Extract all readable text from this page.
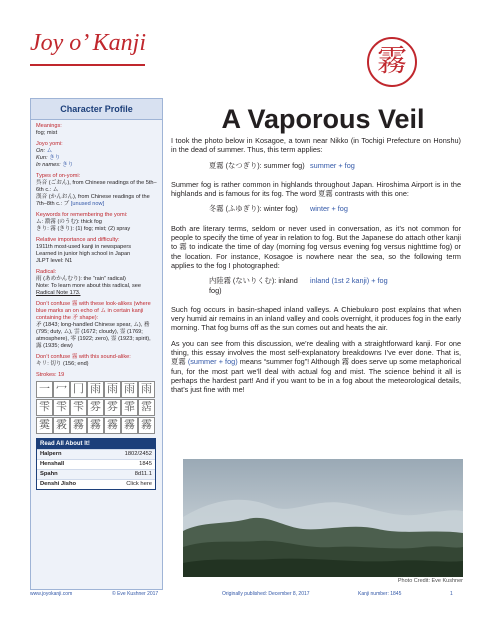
Joy o’ Kanji
霧
A Vaporous Veil
Character Profile
Meanings:
fog; mist
Joyo yomi:
On: ム
Kun: きり
In names: きり
Types of on-yomi:
呉音 (ごおん), from Chinese readings of the 5th–6th c.: ム
漢音 (かんおん), from Chinese readings of the 7th–8th c.: ブ [unused now]
Keywords for remembering the yomi:
ム: 濃霧 (のうむ): thick fog
きり: 霧 (きり): (1) fog; mist; (2) spray
Relative importance and difficulty:
1911th most-used kanji in newspapers
Learned in junior high school in Japan
JLPT level: N1
Radical:
雨 (あめかんむり): the “rain” radical)
Note: To learn more about this radical, see
Radical Note 173.
Don’t confuse 霧 with these look-alikes (where blue marks an on echo of ム in certain kanji containing the 矛 shape):
矛 (1843; long-handled Chinese spear, ム), 務 (795; duty, ム), 雲 (1672; cloudy), 霊 (1769; atmosphere), 零 (1922; zero), 霊 (1923; spirit), 露 (1935; dew)
Don’t confuse 霧 with this sound-alike:
キリ: 切り (156; end)
Strokes: 19
一 冖 冂 雨 雨 雨 雨
雫 雫 雫 雰 雰 霏 霑
霙 霚 霧 霧 霧 霧 霧
Read All About It!
Halpern	1802/2452
Henshall	1845
Spahn	8d11.1
Denshi Jisho	Click here

I took the photo below in Kosagoe, a town near Nikko (in Tochigi Prefecture on Honshu) in the dead of summer. Thus, this term applies:

夏霧 (なつぎり): summer fog) summer + fog

Summer fog is rather common in highlands throughout Japan. Hiroshima Airport is in the highlands and is famous for its fog. The word 夏霧 contrasts with this one:

冬霧 (ふゆぎり): winter fog)	winter + fog

Both are literary terms, seldom or never used in conversation, as it’s not common for people to specify the time of year in relation to fog. But the Japanese do attach other kanji to 霧 to indicate the time of day (morning fog versus evening fog versus nighttime fog) or the location. For instance, Kosagoe is nowhere near the sea, so the following term applies to the fog I photographed:

内陸霧 (ないりくむ): inland fog)
inland (1st 2 kanji) + fog

Such fog occurs in basin-shaped inland valleys. A Chiebukuro post explains that when very humid air remains in an inland valley and cools overnight, it produces fog in the early morning. That fog burns off as the sun comes out and heats the air.

As you can see from this discussion, we’re dealing with a straightforward kanji. For one thing, this essay involves the most self-explanatory breakdowns I’ve ever done. That is, 夏霧 (summer + fog) means “summer fog”! Although 霧 does serve up some metaphorical fun, for the most part we’ll deal with actual fog and mist. The science behind it all is perhaps the hardest part! And if you want to be in a fog about the meteorological details, that’s just fine with me!

Photo Credit: Eve Kushner
www.joyokanji.com	© Eve Kushner 2017	Originally published: December 8, 2017	Kanji number: 1845	1
